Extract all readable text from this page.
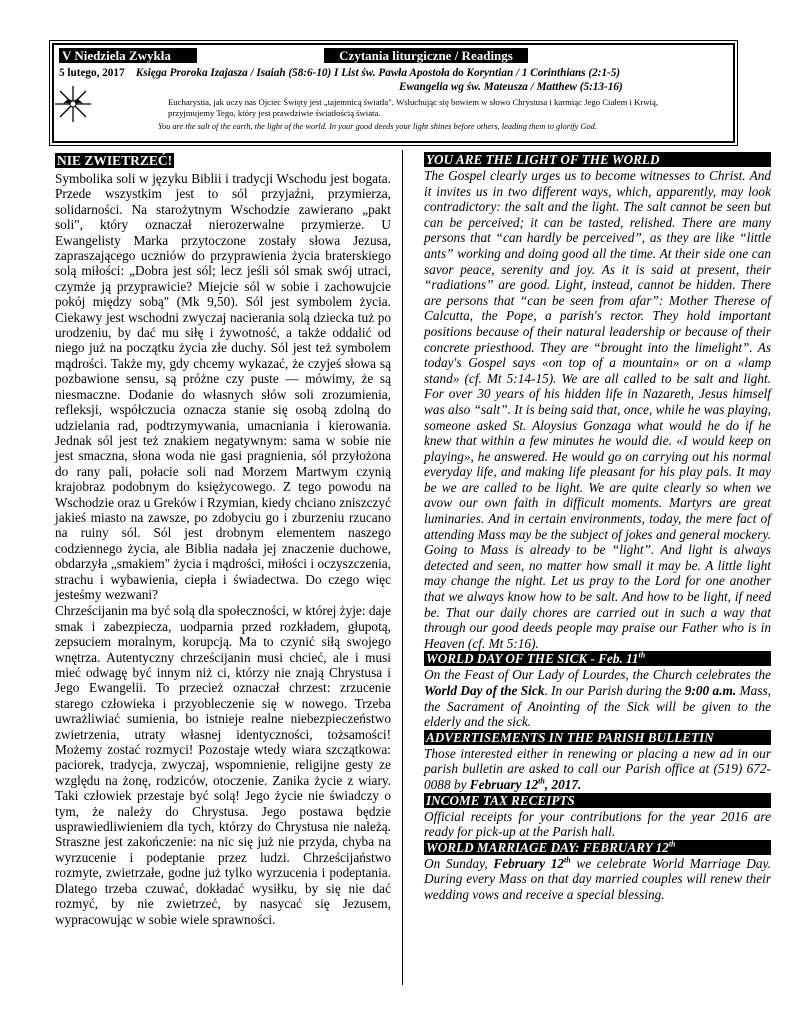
V Niedziela Zwykła	Czytania liturgiczne / Readings
5 lutego, 2017 Księga Proroka Izajasza / Isaiah (58:6-10) I List św. Pawła Apostoła do Koryntian / 1 Corinthians (2:1-5)
Ewangelia wg św. Mateusza / Matthew (5:13-16)
Eucharystia, jak uczy nas Ojciec Święty jest „tajemnicą światła". Wsłuchując się bowiem w słowo Chrystusa i karmiąc Jego Ciałem i Krwią,
przyjmujemy Tego, który jest prawdziwie światłością świata.
You are the salt of the earth, the light of the world. In your good deeds your light shines before others, leading them to glorify God.
NIE ZWIETRZEĆ!

Symbolika soli w języku Biblii i tradycji Wschodu jest bogata. Przede wszystkim jest to sól przyjaźni, przymierza, solidarności. Na starożytnym Wschodzie zawierano „pakt soli", który oznaczał nierozerwalne przymierze. U Ewangelisty Marka przytoczone zostały słowa Jezusa, zapraszającego uczniów do przyprawienia życia braterskiego solą miłości: „Dobra jest sól; lecz jeśli sól smak swój utraci, czymże ją przyprawicie? Miejcie sól w sobie i zachowujcie pokój między sobą" (Mk 9,50). Sól jest symbolem życia. Ciekawy jest wschodni zwyczaj nacierania solą dziecka tuż po urodzeniu, by dać mu siłę i żywotność, a także oddalić od niego już na początku życia złe duchy. Sól jest też symbolem mądrości. Także my, gdy chcemy wykazać, że czyjeś słowa są pozbawione sensu, są próżne czy puste — mówimy, że są niesmaczne. Dodanie do własnych słów soli zrozumienia, refleksji, współczucia oznacza stanie się osobą zdolną do udzielania rad, podtrzymywania, umacniania i kierowania. Jednak sól jest też znakiem negatywnym: sama w sobie nie jest smaczna, słona woda nie gasi pragnienia, sól przyłożona do rany pali, połacie soli nad Morzem Martwym czynią krajobraz podobnym do księżycowego. Z tego powodu na Wschodzie oraz u Greków i Rzymian, kiedy chciano zniszczyć jakieś miasto na zawsze, po zdobyciu go i zburzeniu rzucano na ruiny sól. Sól jest drobnym elementem naszego codziennego życia, ale Biblia nadała jej znaczenie duchowe, obdarzyła „smakiem" życia i mądrości, miłości i oczyszczenia, strachu i wybawienia, ciepła i świadectwa. Do czego więc jesteśmy wezwani?

Chrześcijanin ma być solą dla społeczności, w której żyje: daje smak i zabezpiecza, uodparnia przed rozkładem, głupotą, zepsuciem moralnym, korupcją. Ma to czynić siłą swojego wnętrza. Autentyczny chrześcijanin musi chcieć, ale i musi mieć odwagę być innym niż ci, którzy nie znają Chrystusa i Jego Ewangelii. To przecież oznaczał chrzest: zrzucenie starego człowieka i przyobleczenie się w nowego. Trzeba uwrażliwiać sumienia, bo istnieje realne niebezpieczeństwo zwietrzenia, utraty własnej identyczności, tożsamości! Możemy zostać rozmyci! Pozostaje wtedy wiara szczątkowa: paciorek, tradycja, zwyczaj, wspomnienie, religijne gesty ze względu na żonę, rodziców, otoczenie. Zanika życie z wiary. Taki człowiek przestaje być solą! Jego życie nie świadczy o tym, że należy do Chrystusa. Jego postawa będzie usprawiedliwieniem dla tych, którzy do Chrystusa nie należą. Straszne jest zakończenie: na nic się już nie przyda, chyba na wyrzucenie i podeptanie przez ludzi. Chrześcijaństwo rozmyte, zwietrzałe, godne już tylko wyrzucenia i podeptania. Dlatego trzeba czuwać, dokładać wysiłku, by się nie dać rozmyć, by nie zwietrzeć, by nasycać się Jezusem, wypracowując w sobie wiele sprawności.

YOU ARE THE LIGHT OF THE WORLD

The Gospel clearly urges us to become witnesses to Christ. And it invites us in two different ways, which, apparently, may look contradictory: the salt and the light. The salt cannot be seen but can be perceived; it can be tasted, relished. There are many persons that “can hardly be perceived”, as they are like “little ants” working and doing good all the time. At their side one can savor peace, serenity and joy. As it is said at present, their “radiations” are good. Light, instead, cannot be hidden. There are persons that “can be seen from afar”: Mother Therese of Calcutta, the Pope, a parish's rector. They hold important positions because of their natural leadership or because of their concrete priesthood. They are “brought into the limelight”. As today's Gospel says «on top of a mountain» or on a «lamp stand» (cf. Mt 5:14-15). We are all called to be salt and light. For over 30 years of his hidden life in Nazareth, Jesus himself was also “salt”. It is being said that, once, while he was playing, someone asked St. Aloysius Gonzaga what would he do if he knew that within a few minutes he would die. «I would keep on playing», he answered. He would go on carrying out his normal everyday life, and making life pleasant for his play pals. It may be we are called to be light. We are quite clearly so when we avow our own faith in difficult moments. Martyrs are great luminaries. And in certain environments, today, the mere fact of attending Mass may be the subject of jokes and general mockery. Going to Mass is already to be “light”. And light is always detected and seen, no matter how small it may be. A little light may change the night. Let us pray to the Lord for one another that we always know how to be salt. And how to be light, if need be. That our daily chores are carried out in such a way that through our good deeds people may praise our Father who is in Heaven (cf. Mt 5:16).

WORLD DAY OF THE SICK - Feb. 11th

On the Feast of Our Lady of Lourdes, the Church celebrates the World Day of the Sick. In our Parish during the 9:00 a.m. Mass, the Sacrament of Anointing of the Sick will be given to the elderly and the sick.

ADVERTISEMENTS IN THE PARISH BULLETIN

Those interested either in renewing or placing a new ad in our parish bulletin are asked to call our Parish office at (519) 672-0088 by February 12th, 2017.

INCOME TAX RECEIPTS

Official receipts for your contributions for the year 2016 are ready for pick-up at the Parish hall.

WORLD MARRIAGE DAY: FEBRUARY 12th

On Sunday, February 12th we celebrate World Marriage Day. During every Mass on that day married couples will renew their wedding vows and receive a special blessing.
